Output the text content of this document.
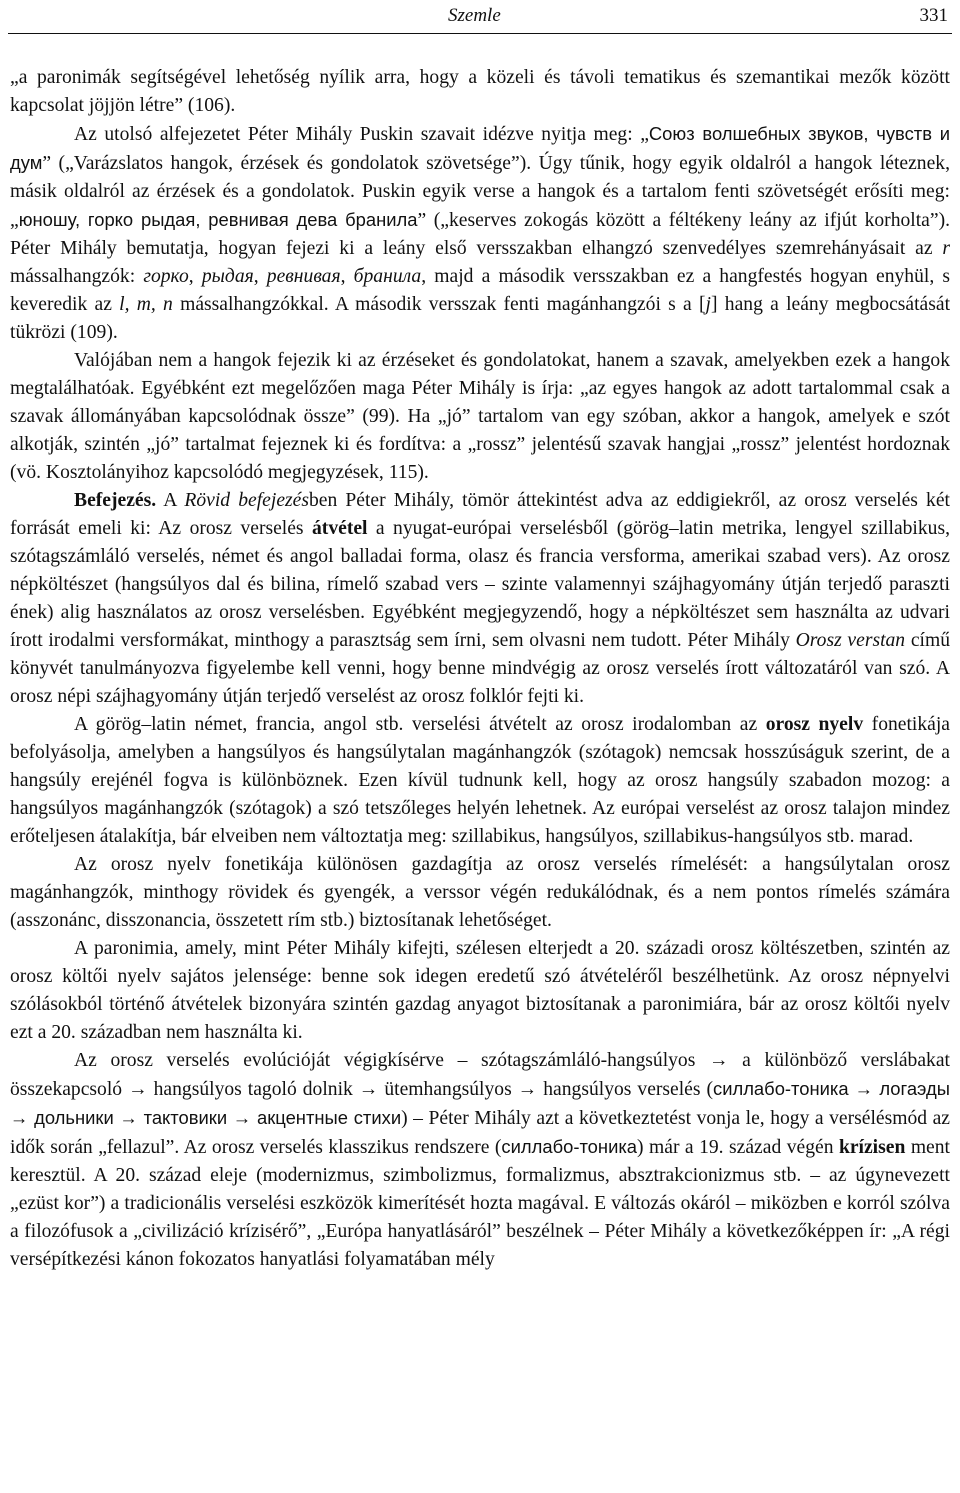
Szemle	331

„a paronimák segítségével lehetőség nyílik arra, hogy a közeli és távoli tematikus és szemantikai mezők között kapcsolat jöjjön létre” (106).

Az utolsó alfejezetet Péter Mihály Puskin szavait idézve nyitja meg: „Союз волшебных звуков, чувств и дум” („Varázslatos hangok, érzések és gondolatok szövetsége”). Úgy tűnik, hogy egyik oldalról a hangok léteznek, másik oldalról az érzések és a gondolatok. Puskin egyik verse a hangok és a tartalom fenti szövetségét erősíti meg: „юношу, горко рыдая, ревнивая дева бранила” („keserves zokogás között a féltékeny leány az ifjút korholta”). Péter Mihály bemutatja, hogyan fejezi ki a leány első versszakban elhangzó szenvedélyes szemrehányásait az r mássalhangzók: горко, рыдая, ревнивая, бранила, majd a második versszakban ez a hangfestés hogyan enyhül, s keveredik az l, m, n mássalhangzókkal. A második versszak fenti magánhangzói s a [j] hang a leány megbocsátását tükrözi (109).

Valójában nem a hangok fejezik ki az érzéseket és gondolatokat, hanem a szavak, amelyekben ezek a hangok megtalálhatóak. Egyébként ezt megelőzően maga Péter Mihály is írja: „az egyes hangok az adott tartalommal csak a szavak állományában kapcsolódnak össze” (99). Ha „jó” tartalom van egy szóban, akkor a hangok, amelyek e szót alkotják, szintén „jó” tartalmat fejeznek ki és fordítva: a „rossz” jelentésű szavak hangjai „rossz” jelentést hordoznak (vö. Kosztolányihoz kapcsolódó megjegyzések, 115).

Befejezés. A Rövid befejezésben Péter Mihály, tömör áttekintést adva az eddigiekről, az orosz verselés két forrását emeli ki: Az orosz verselés átvétel a nyugat-európai verselésből (görög–latin metrika, lengyel szillabikus, szótagszámláló verselés, német és angol balladai forma, olasz és francia versforma, amerikai szabad vers). Az orosz népköltészet (hangsúlyos dal és bilina, rímelő szabad vers – szinte valamennyi szájhagyomány útján terjedő paraszti ének) alig használatos az orosz verselésben. Egyébként megjegyzendő, hogy a népköltészet sem használta az udvari írott irodalmi versformákat, minthogy a parasztság sem írni, sem olvasni nem tudott. Péter Mihály Orosz verstan című könyvét tanulmányozva figyelembe kell venni, hogy benne mindvégig az orosz verselés írott változatáról van szó. A orosz népi szájhagyomány útján terjedő verselést az orosz folklór fejti ki.

A görög–latin német, francia, angol stb. verselési átvételt az orosz irodalomban az orosz nyelv fonetikája befolyásolja, amelyben a hangsúlyos és hangsúlytalan magánhangzók (szótagok) nemcsak hosszúságuk szerint, de a hangsúly erejénél fogva is különböznek. Ezen kívül tudnunk kell, hogy az orosz hangsúly szabadon mozog: a hangsúlyos magánhangzók (szótagok) a szó tetszőleges helyén lehetnek. Az európai verselést az orosz talajon mindez erőteljesen átalakítja, bár elveiben nem változtatja meg: szillabikus, hangsúlyos, szillabikus-hangsúlyos stb. marad.

Az orosz nyelv fonetikája különösen gazdagítja az orosz verselés rímelését: a hangsúlytalan orosz magánhangzók, minthogy rövidek és gyengék, a verssor végén redukálódnak, és a nem pontos rímelés számára (asszonánc, disszonancia, összetett rím stb.) biztosítanak lehetőséget.

A paronimia, amely, mint Péter Mihály kifejti, szélesen elterjedt a 20. századi orosz költészetben, szintén az orosz költői nyelv sajátos jelensége: benne sok idegen eredetű szó átvételéről beszélhetünk. Az orosz népnyelvi szólásokból történő átvételek bizonyára szintén gazdag anyagot biztosítanak a paronimiára, bár az orosz költői nyelv ezt a 20. században nem használta ki.

Az orosz verselés evolúcióját végigkísérve – szótagszámláló-hangsúlyos → a különböző verslábakat összekapcsoló → hangsúlyos tagoló dolnik → ütemhangsúlyos → hangsúlyos verselés (силлабо-тоника → логаэды → дольники → тактовики → акцентные стихи) – Péter Mihály azt a következtetést vonja le, hogy a versélésmód az idők során „fellazul”. Az orosz verselés klasszikus rendszere (силлабо-тоника) már a 19. század végén krízisen ment keresztül. A 20. század eleje (modernizmus, szimbolizmus, formalizmus, absztrakcionizmus stb. – az úgynevezett „ezüst kor”) a tradicionális verselési eszközök kimerítését hozta magával. E változás okáról – miközben e korról szólva a filozófusok a „civilizáció krízisérő”, „Európa hanyatlásáról” beszélnek – Péter Mihály a következőképpen ír: „A régi versépítkezési kánon fokozatos hanyatlási folyamatában mély
